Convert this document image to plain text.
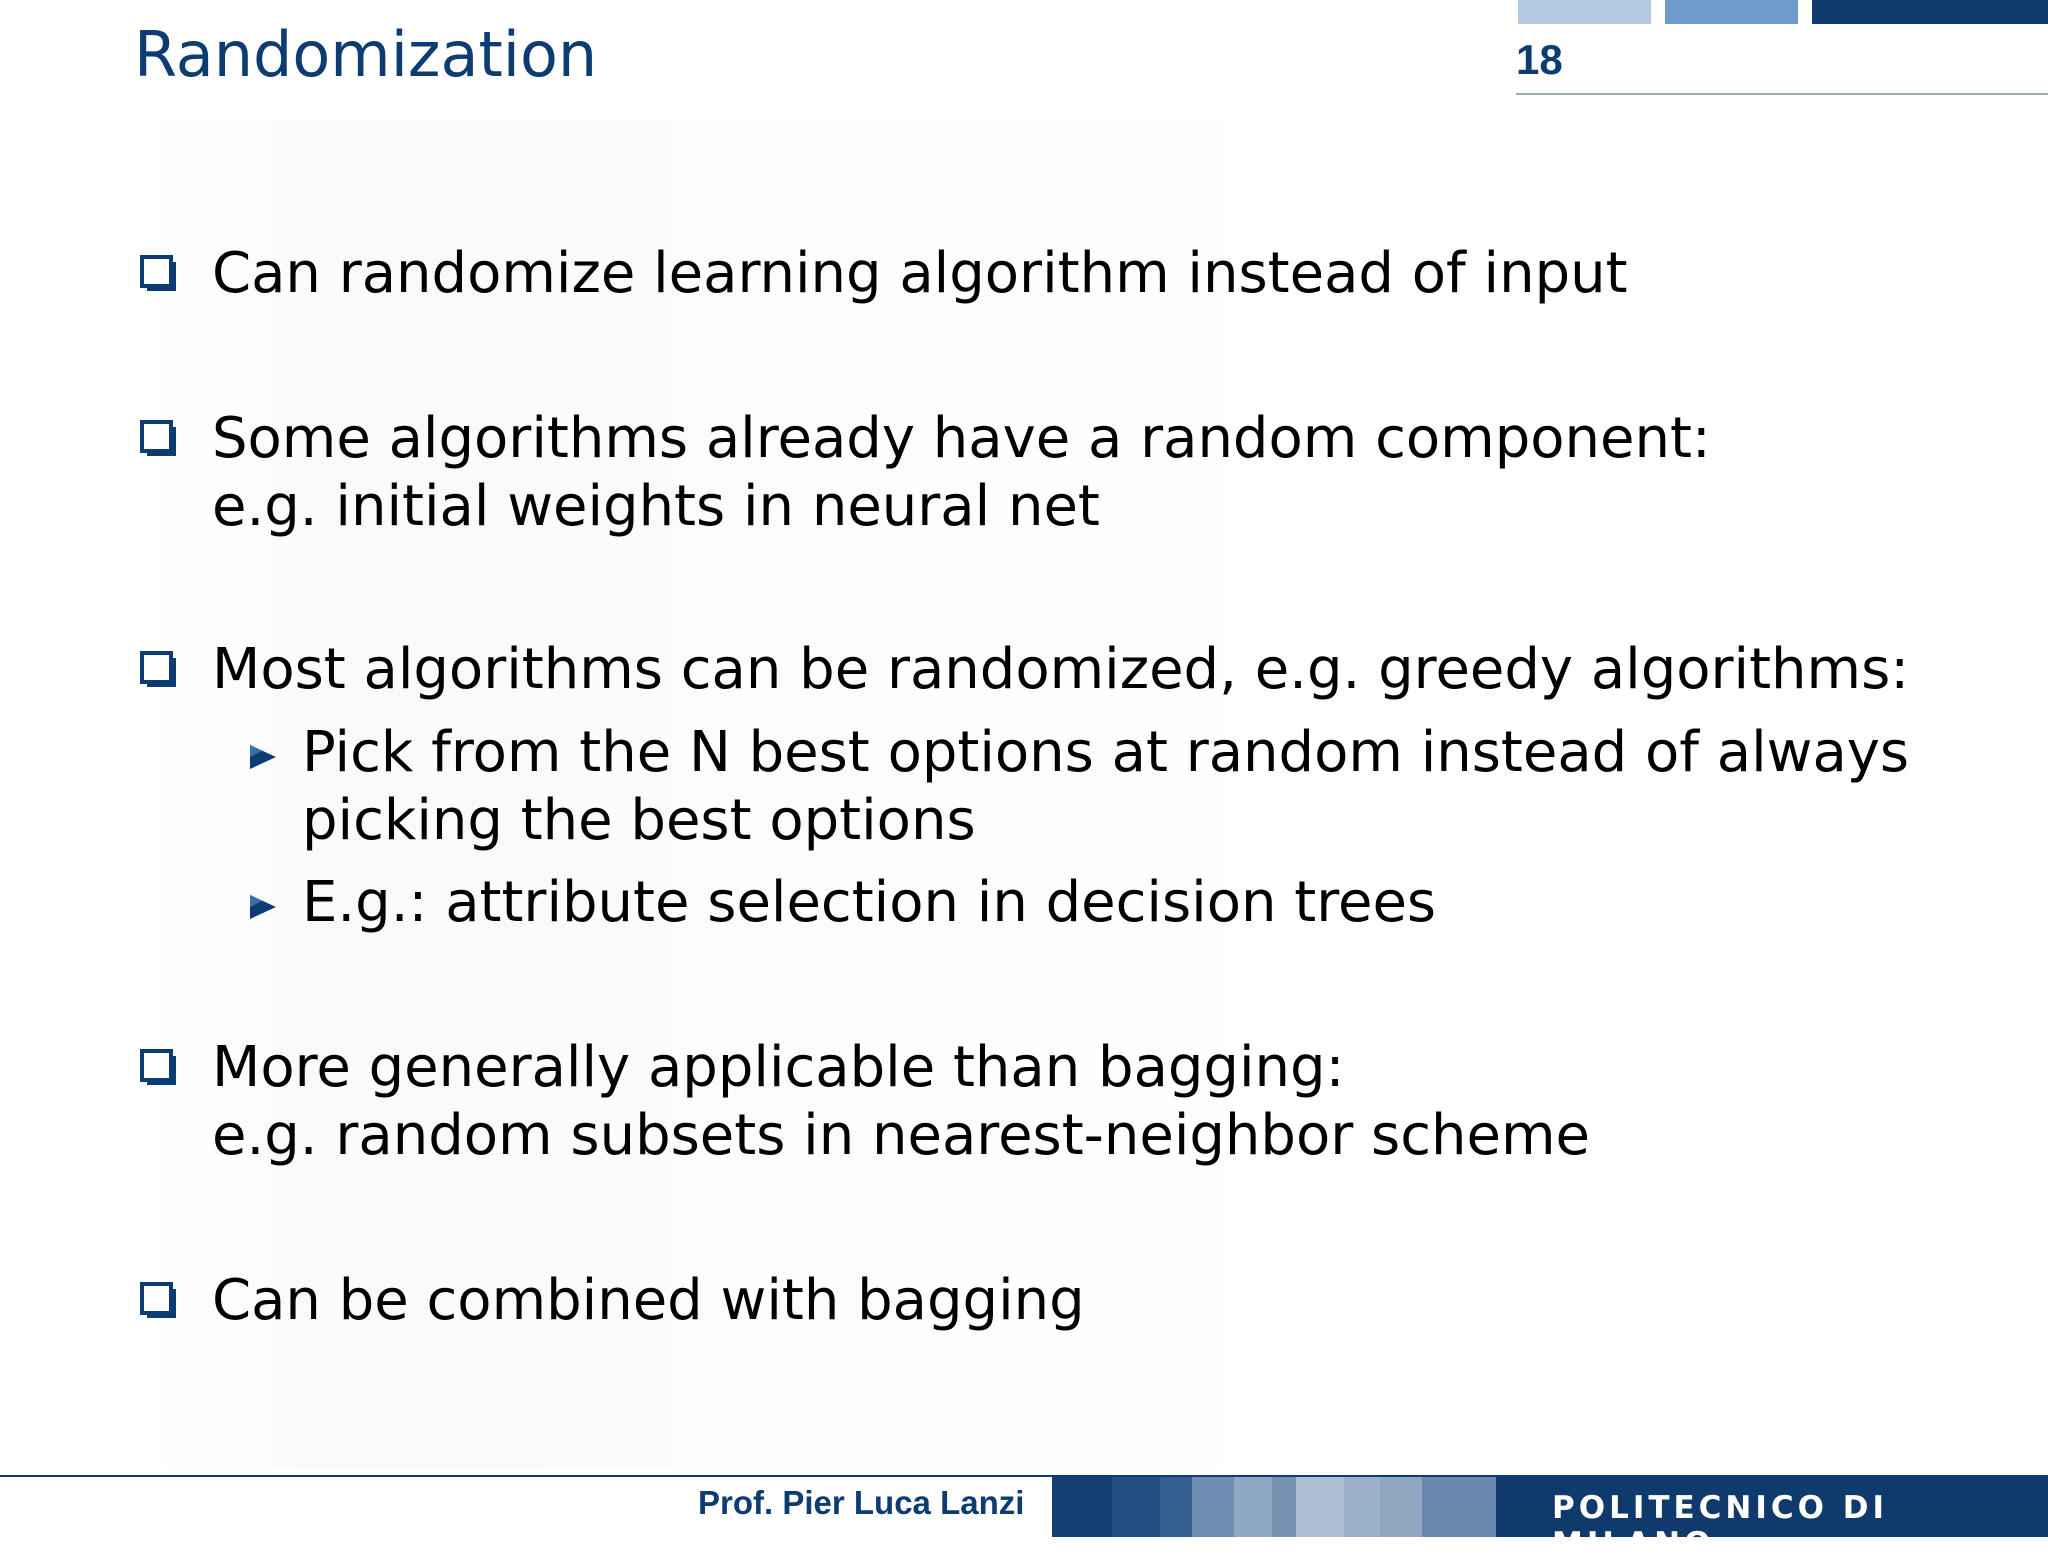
Randomization	18
Can randomize learning algorithm instead of input
Some algorithms already have a random component:
e.g. initial weights in neural net
Most algorithms can be randomized, e.g. greedy algorithms:
Pick from the N best options at random instead of always
picking the best options
E.g.: attribute selection in decision trees
More generally applicable than bagging:
e.g. random subsets in nearest-neighbor scheme
Can be combined with bagging
Prof. Pier Luca Lanzi	POLITECNICO DI MILANO
